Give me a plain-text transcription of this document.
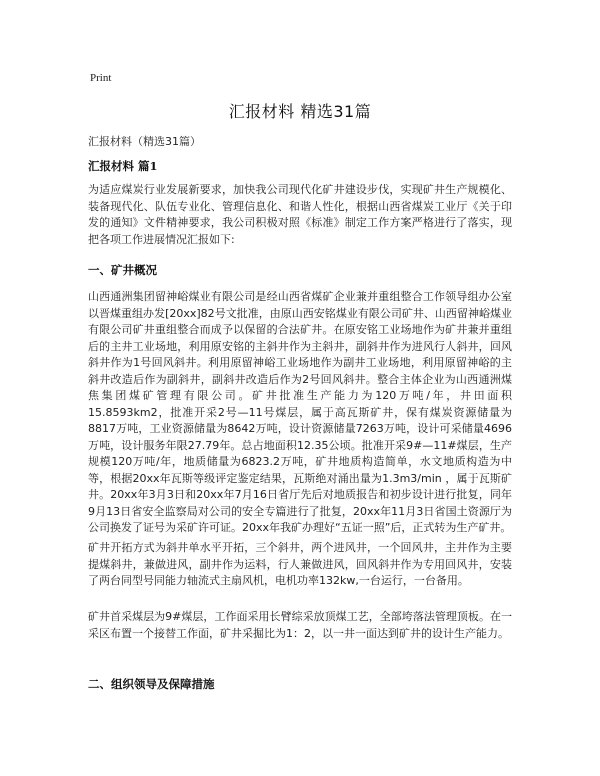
Print
汇报材料 精选31篇
汇报材料（精选31篇）
汇报材料 篇1

为适应煤炭行业发展新要求，加快我公司现代化矿井建设步伐，实现矿井生产规模化、装备现代化、队伍专业化、管理信息化、和谐人性化，根据山西省煤炭工业厅《关于印发的通知》文件精神要求，我公司积极对照《标准》制定工作方案严格进行了落实，现把各项工作进展情况汇报如下:

一、矿井概况

山西通洲集团留神峪煤业有限公司是经山西省煤矿企业兼并重组整合工作领导组办公室以晋煤重组办发[20xx]82号文批准，由原山西安铭煤业有限公司矿井、山西留神峪煤业有限公司矿井重组整合而成予以保留的合法矿井。在原安铭工业场地作为矿井兼并重组后的主井工业场地，利用原安铭的主斜井作为主斜井，副斜井作为进风行人斜井，回风斜井作为1号回风斜井。利用原留神峪工业场地作为副井工业场地，利用原留神峪的主斜井改造后作为副斜井，副斜井改造后作为2号回风斜井。整合主体企业为山西通洲煤焦集团煤矿管理有限公司。矿井批准生产能力为120万吨/年，井田面积15.8593km2，批准开采2号—11号煤层，属于高瓦斯矿井，保有煤炭资源储量为8817万吨，工业资源储量为8642万吨，设计资源储量7263万吨，设计可采储量4696万吨，设计服务年限27.79年。总占地面积12.35公顷。批准开采9#—11#煤层，生产规模120万吨/年，地质储量为6823.2万吨，矿井地质构造简单，水文地质构造为中等，根据20xx年瓦斯等级评定鉴定结果，瓦斯绝对涌出量为1.3m3/min ，属于瓦斯矿井。20xx年3月3日和20xx年7月16日省厅先后对地质报告和初步设计进行批复，同年9月13日省安全监察局对公司的安全专篇进行了批复，20xx年11月3日省国土资源厅为公司换发了证号为采矿许可证。20xx年我矿办理好“五证一照”后，正式转为生产矿井。

矿井开拓方式为斜井单水平开拓，三个斜井，两个进风井，一个回风井，主井作为主要提煤斜井，兼做进风，副井作为运料，行人兼做进风，回风斜井作为专用回风井，安装了两台同型号同能力轴流式主扇风机，电机功率132kw,一台运行，一台备用。

矿井首采煤层为9#煤层，工作面采用长臂综采放顶煤工艺，全部垮落法管理顶板。在一采区布置一个接替工作面，矿井采掘比为1：2，以一井一面达到矿井的设计生产能力。

二、组织领导及保障措施
